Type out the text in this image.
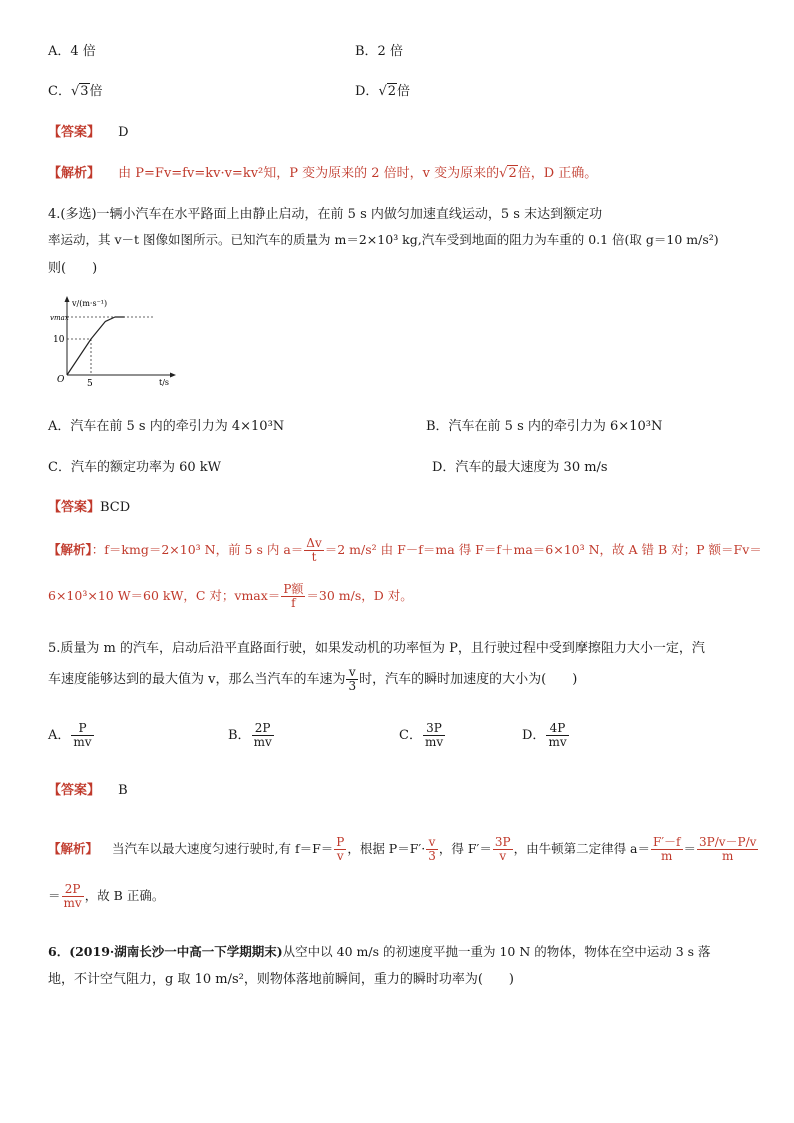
A．4 倍	B．2 倍
C．√3倍	D．√2倍
【答案】 D
【解析】 由 P=Fv=fv=kv·v=kv²知，P 变为原来的 2 倍时，v 变为原来的√2倍，D 正确。
4.(多选)一辆小汽车在水平路面上由静止启动，在前 5 s 内做匀加速直线运动，5 s 末达到额定功
率运动，其 v－t 图像如图所示。已知汽车的质量为 m＝2×10³ kg,汽车受到地面的阻力为车重的 0.1 倍(取 g＝10 m/s²)
则(　　)
v/(m·s⁻¹)
t/s
O
vmax
10
5
A．汽车在前 5 s 内的牵引力为 4×10³N	B．汽车在前 5 s 内的牵引力为 6×10³N
C．汽车的额定功率为 60 kW	D．汽车的最大速度为 30 m/s
【答案】BCD
【解析】：f＝kmg＝2×10³ N，前 5 s 内 $a= \frac{\Delta v}{t} =2$ m/s² 由 F－f＝ma 得 F＝f＋ma＝6×10³ N，故 A 错 B 对；P 额＝Fv＝
6×10³×10 W＝60 kW，C 对；$vmax= \frac{\text{P额}}{f} =30$ m/s，D 对。
5.质量为 m 的汽车，启动后沿平直路面行驶，如果发动机的功率恒为 P，且行驶过程中受到摩擦阻力大小一定，汽
车速度能够达到的最大值为 v，那么当汽车的车速为 $\frac{v}{3}$ 时，汽车的瞬时加速度的大小为(　　)
A． $\frac{P}{mv}$	B． $\frac{2P}{mv}$	C． $\frac{3P}{mv}$	D． $\frac{4P}{mv}$
【答案】 B
【解析】 当汽车以最大速度匀速行驶时,有 $f=F= \frac{P}{v}$ ，根据 $P=F'\cdot \frac{v}{3}$ ，得 $F'= \frac{3P}{v}$ ，由牛顿第二定律得 $a= \frac{F'-f}{m} = \frac{3P/v-P/v}{m}$
＝ $\frac{2P}{mv}$ ，故 B 正确。
6．(2019·湖南长沙一中高一下学期期末)从空中以 40 m/s 的初速度平抛一重为 10 N 的物体，物体在空中运动 3 s 落
地，不计空气阻力，g 取 10 m/s²，则物体落地前瞬间，重力的瞬时功率为(　　)
